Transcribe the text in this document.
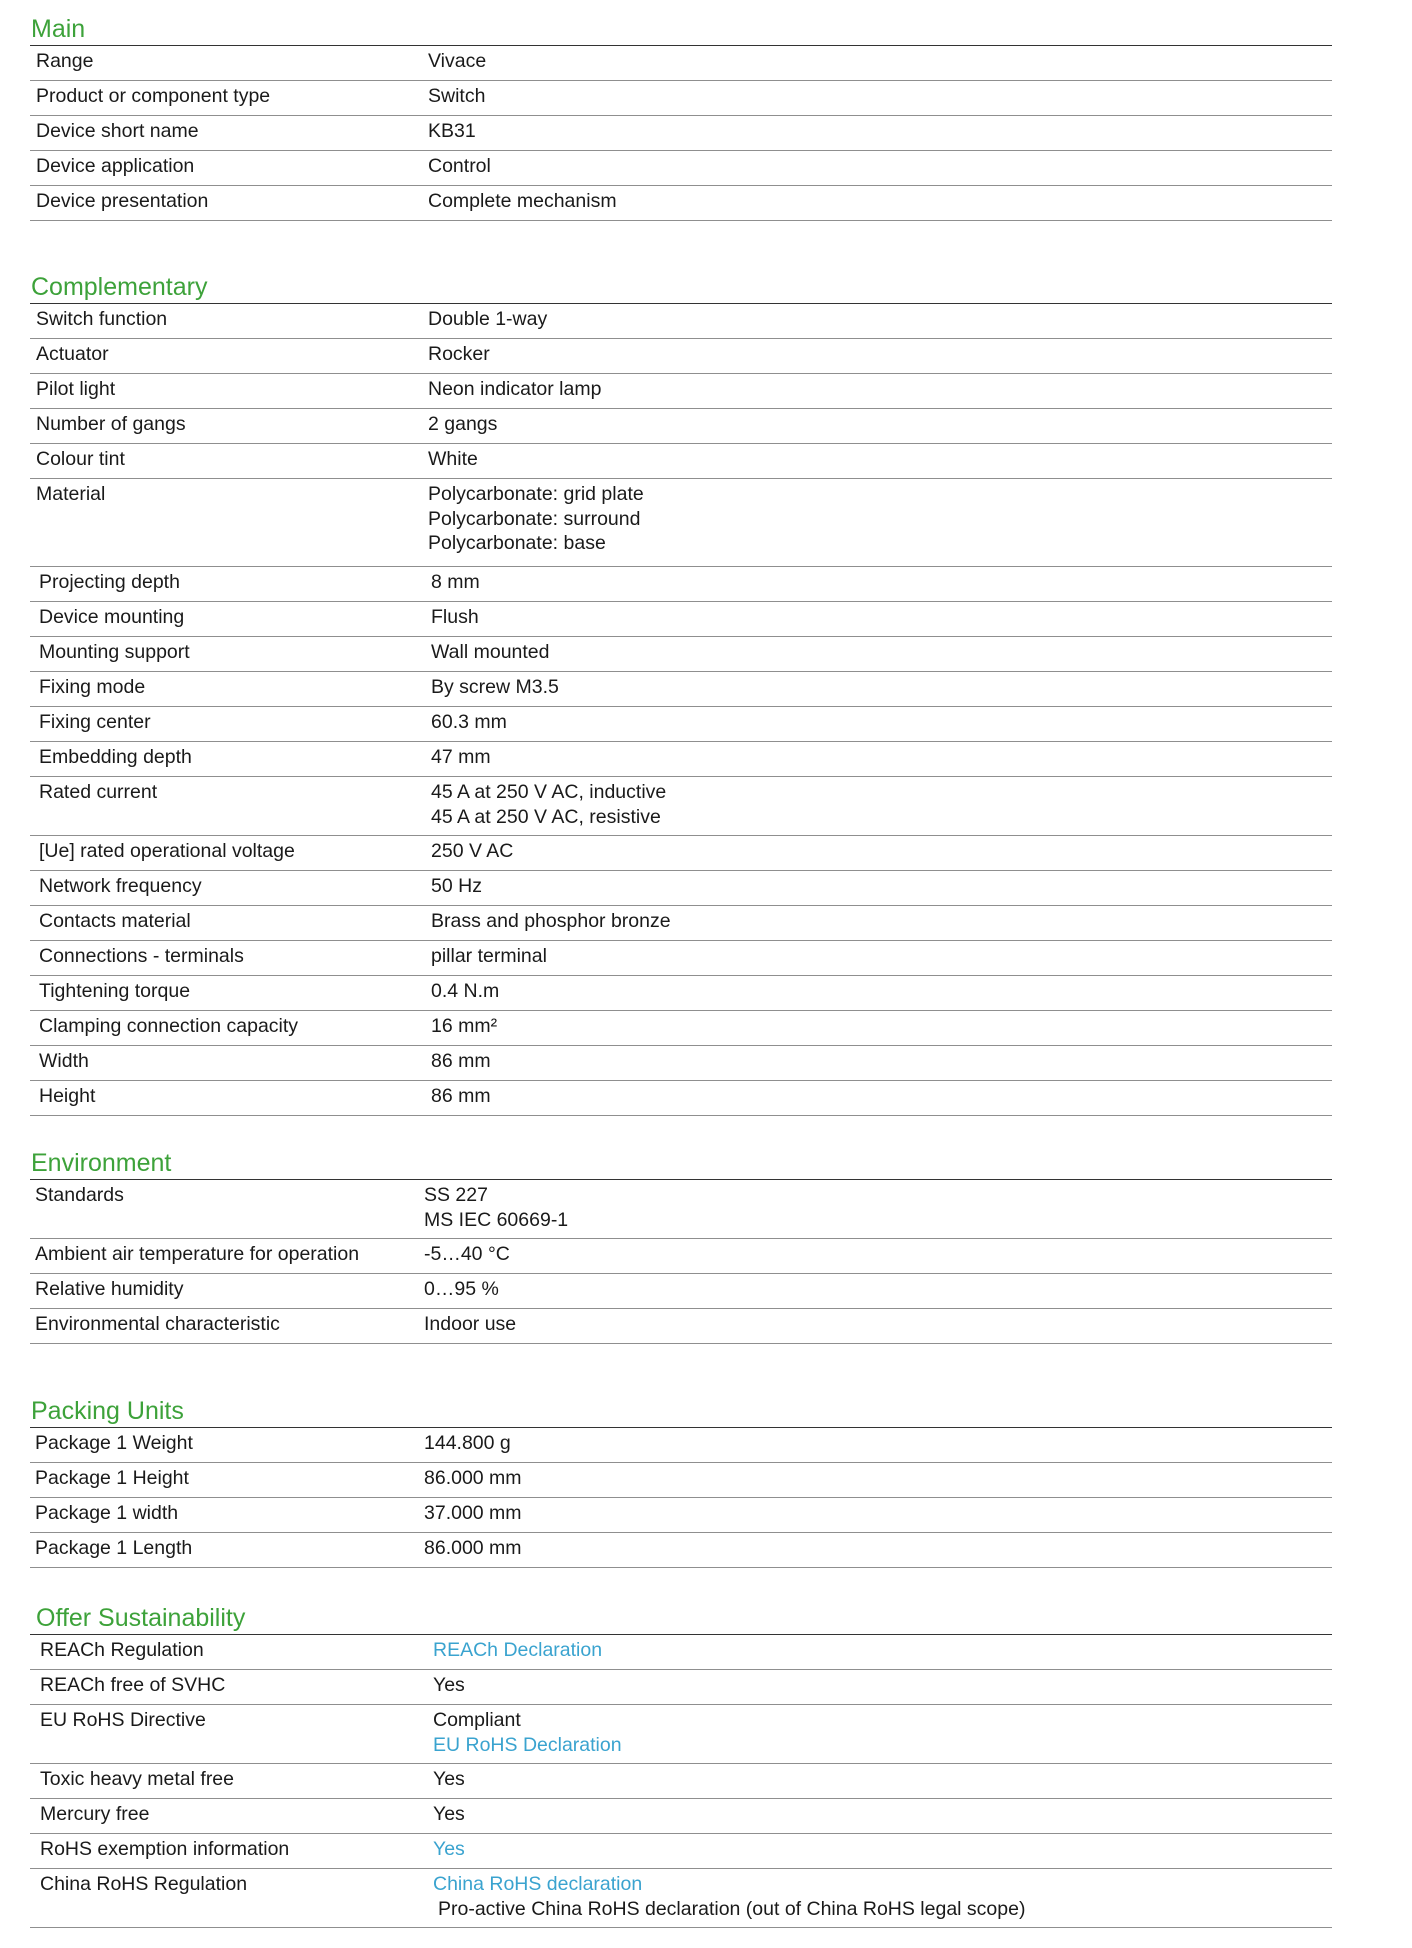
Main
Range	Vivace
Product or component type	Switch
Device short name	KB31
Device application	Control
Device presentation	Complete mechanism
Complementary
Switch function	Double 1-way
Actuator	Rocker
Pilot light	Neon indicator lamp
Number of gangs	2 gangs
Colour tint	White
Material	Polycarbonate: grid plate
Polycarbonate: surround
Polycarbonate: base
Projecting depth	8 mm
Device mounting	Flush
Mounting support	Wall mounted
Fixing mode	By screw M3.5
Fixing center	60.3 mm
Embedding depth	47 mm
Rated current	45 A at 250 V AC, inductive
45 A at 250 V AC, resistive
[Ue] rated operational voltage	250 V AC
Network frequency	50 Hz
Contacts material	Brass and phosphor bronze
Connections - terminals	pillar terminal
Tightening torque	0.4 N.m
Clamping connection capacity	16 mm²
Width	86 mm
Height	86 mm
Environment
Standards	SS 227
MS IEC 60669-1
Ambient air temperature for operation	-5…40 °C
Relative humidity	0…95 %
Environmental characteristic	Indoor use
Packing Units
Package 1 Weight	144.800 g
Package 1 Height	86.000 mm
Package 1 width	37.000 mm
Package 1 Length	86.000 mm
Offer Sustainability
REACh Regulation	REACh Declaration
REACh free of SVHC	Yes
EU RoHS Directive	Compliant
EU RoHS Declaration
Toxic heavy metal free	Yes
Mercury free	Yes
RoHS exemption information	Yes
China RoHS Regulation	China RoHS declaration
Pro-active China RoHS declaration (out of China RoHS legal scope)
